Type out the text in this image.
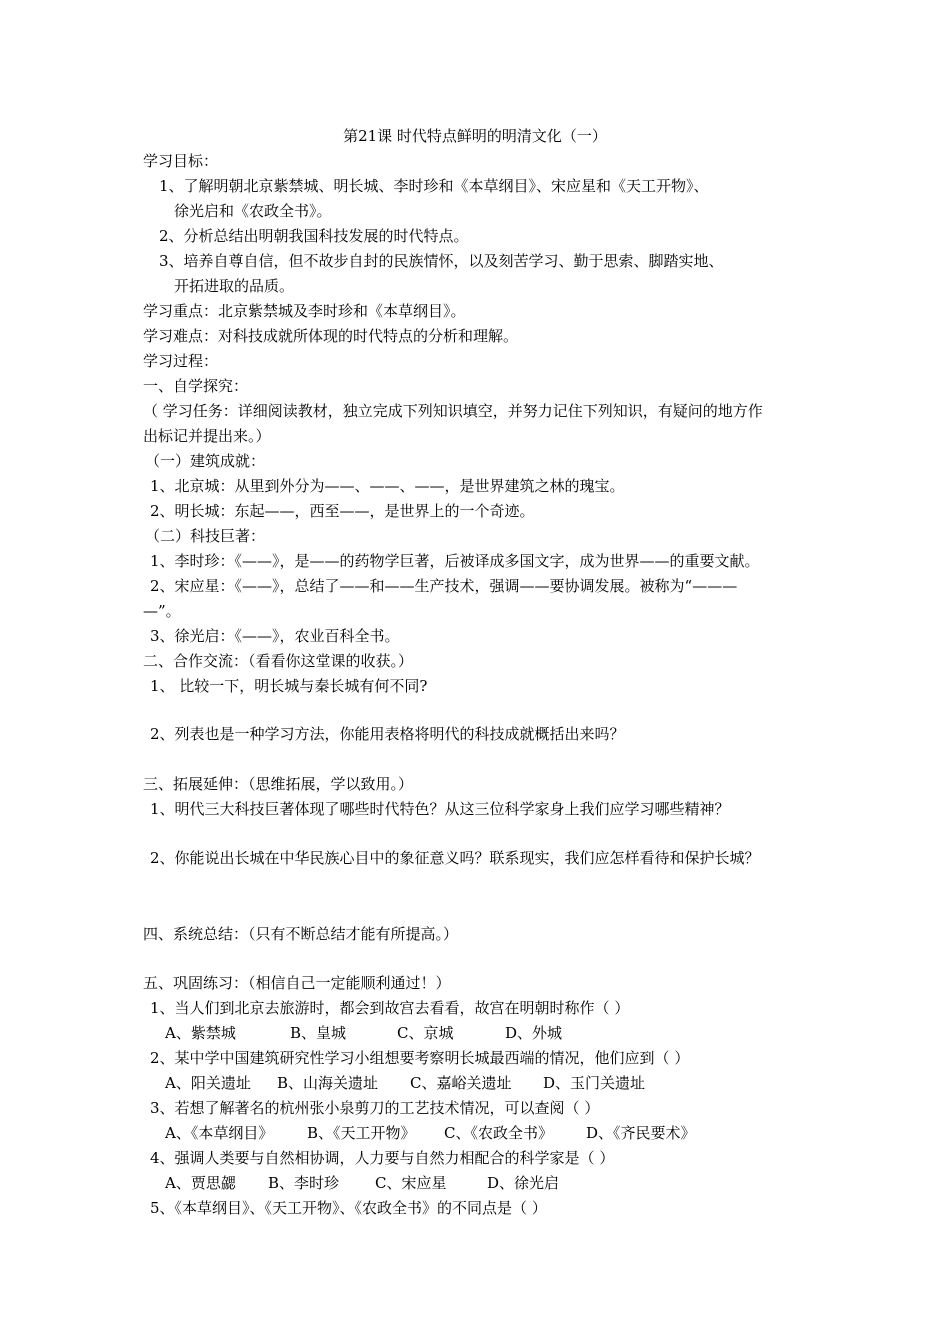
第21课 时代特点鲜明的明清文化（一）
学习目标：
1、了解明朝北京紫禁城、明长城、李时珍和《本草纲目》、宋应星和《天工开物》、
徐光启和《农政全书》。
2、分析总结出明朝我国科技发展的时代特点。
3、培养自尊自信，但不故步自封的民族情怀，以及刻苦学习、勤于思索、脚踏实地、
开拓进取的品质。
学习重点：北京紫禁城及李时珍和《本草纲目》。
学习难点：对科技成就所体现的时代特点的分析和理解。
学习过程：
一、自学探究：
（ 学习任务：详细阅读教材，独立完成下列知识填空，并努力记住下列知识，有疑问的地方作
出标记并提出来。）
（一）建筑成就：
1、北京城：从里到外分为——、——、——，是世界建筑之林的瑰宝。
2、明长城：东起——，西至——，是世界上的一个奇迹。
（二）科技巨著：
1、李时珍：《——》，是——的药物学巨著，后被译成多国文字，成为世界——的重要文献。
2、宋应星：《——》，总结了——和——生产技术，强调——要协调发展。被称为“———
—”。
3、徐光启：《——》，农业百科全书。
二、合作交流：（看看你这堂课的收获。）
1、 比较一下，明长城与秦长城有何不同?
2、列表也是一种学习方法，你能用表格将明代的科技成就概括出来吗？
三、拓展延伸：（思维拓展，学以致用。）
1、明代三大科技巨著体现了哪些时代特色？从这三位科学家身上我们应学习哪些精神？
2、你能说出长城在中华民族心目中的象征意义吗？联系现实，我们应怎样看待和保护长城？
四、系统总结：（只有不断总结才能有所提高。）
五、巩固练习：（相信自己一定能顺利通过！）
1、当人们到北京去旅游时，都会到故宫去看看，故宫在明朝时称作（ ）
A、紫禁城	B、皇城	C、京城	D、外城
2、某中学中国建筑研究性学习小组想要考察明长城最西端的情况，他们应到（ ）
A、阳关遗址 B、山海关遗址 C、嘉峪关遗址 D、玉门关遗址
3、若想了解著名的杭州张小泉剪刀的工艺技术情况，可以查阅（ ）
A、《本草纲目》 B、《天工开物》 C、《农政全书》 D、《齐民要术》
4、强调人类要与自然相协调，人力要与自然力相配合的科学家是（ ）
A、贾思勰 B、李时珍 C、宋应星	D、徐光启
5、《本草纲目》、《天工开物》、《农政全书》的不同点是（ ）
